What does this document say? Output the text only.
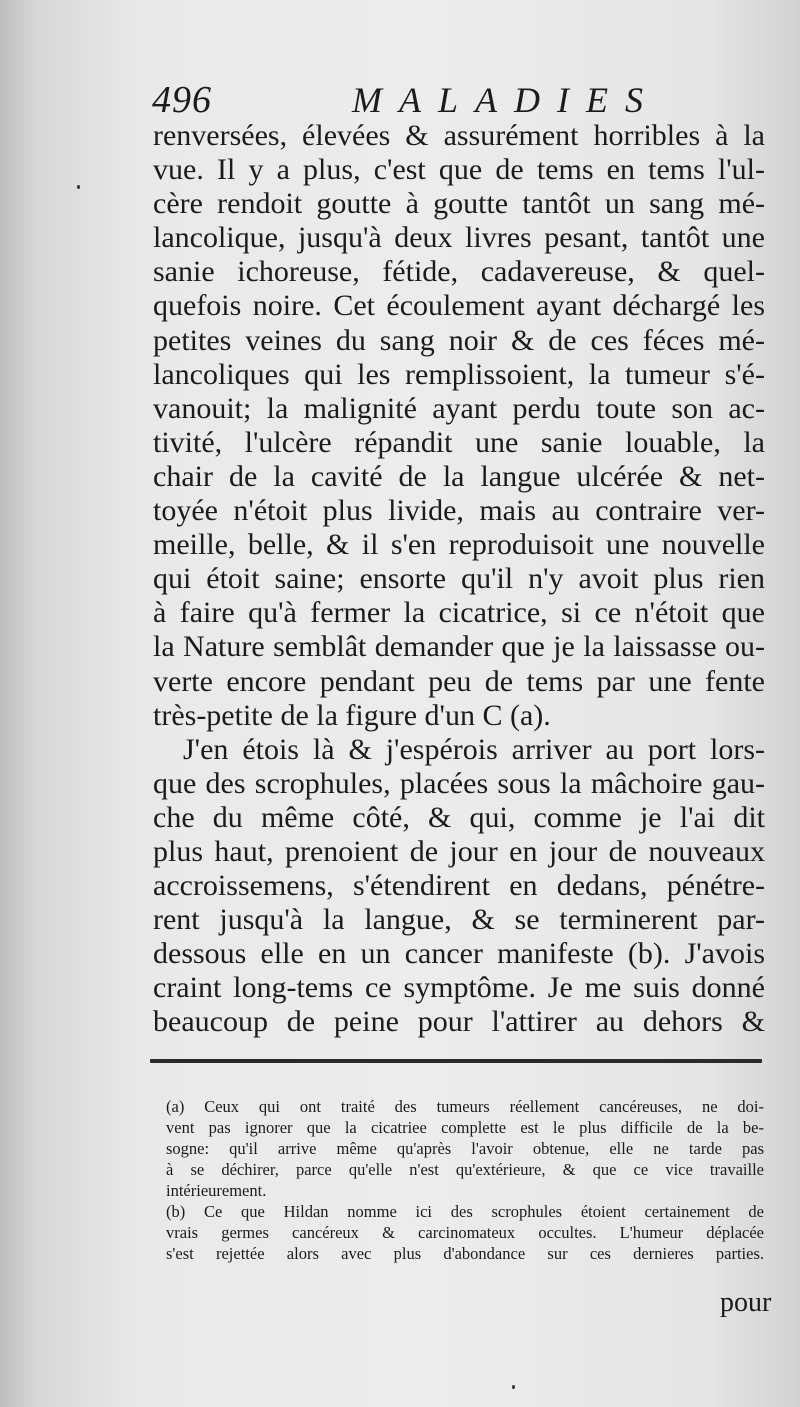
496	MALADIES
renversées, élevées & assurément horribles à la
vue. Il y a plus, c'est que de tems en tems l'ul-
cère rendoit goutte à goutte tantôt un sang mé-
lancolique, jusqu'à deux livres pesant, tantôt une
sanie ichoreuse, fétide, cadavereuse, & quel-
quefois noire. Cet écoulement ayant déchargé les
petites veines du sang noir & de ces féces mé-
lancoliques qui les remplissoient, la tumeur s'é-
vanouit; la malignité ayant perdu toute son ac-
tivité, l'ulcère répandit une sanie louable, la
chair de la cavité de la langue ulcérée & net-
toyée n'étoit plus livide, mais au contraire ver-
meille, belle, & il s'en reproduisoit une nouvelle
qui étoit saine; ensorte qu'il n'y avoit plus rien
à faire qu'à fermer la cicatrice, si ce n'étoit que
la Nature semblât demander que je la laissasse ou-
verte encore pendant peu de tems par une fente
très-petite de la figure d'un C (a).
J'en étois là & j'espérois arriver au port lors-
que des scrophules, placées sous la mâchoire gau-
che du même côté, & qui, comme je l'ai dit
plus haut, prenoient de jour en jour de nouveaux
accroissemens, s'étendirent en dedans, pénétre-
rent jusqu'à la langue, & se terminerent par-
dessous elle en un cancer manifeste (b). J'avois
craint long-tems ce symptôme. Je me suis donné
beaucoup de peine pour l'attirer au dehors &
(a) Ceux qui ont traité des tumeurs réellement cancéreuses, ne doi-
vent pas ignorer que la cicatriee complette est le plus difficile de la be-
sogne: qu'il arrive même qu'après l'avoir obtenue, elle ne tarde pas
à se déchirer, parce qu'elle n'est qu'extérieure, & que ce vice travaille
intérieurement.
(b) Ce que Hildan nomme ici des scrophules étoient certainement de
vrais germes cancéreux & carcinomateux occultes. L'humeur déplacée
s'est rejettée alors avec plus d'abondance sur ces dernieres parties.
pour
